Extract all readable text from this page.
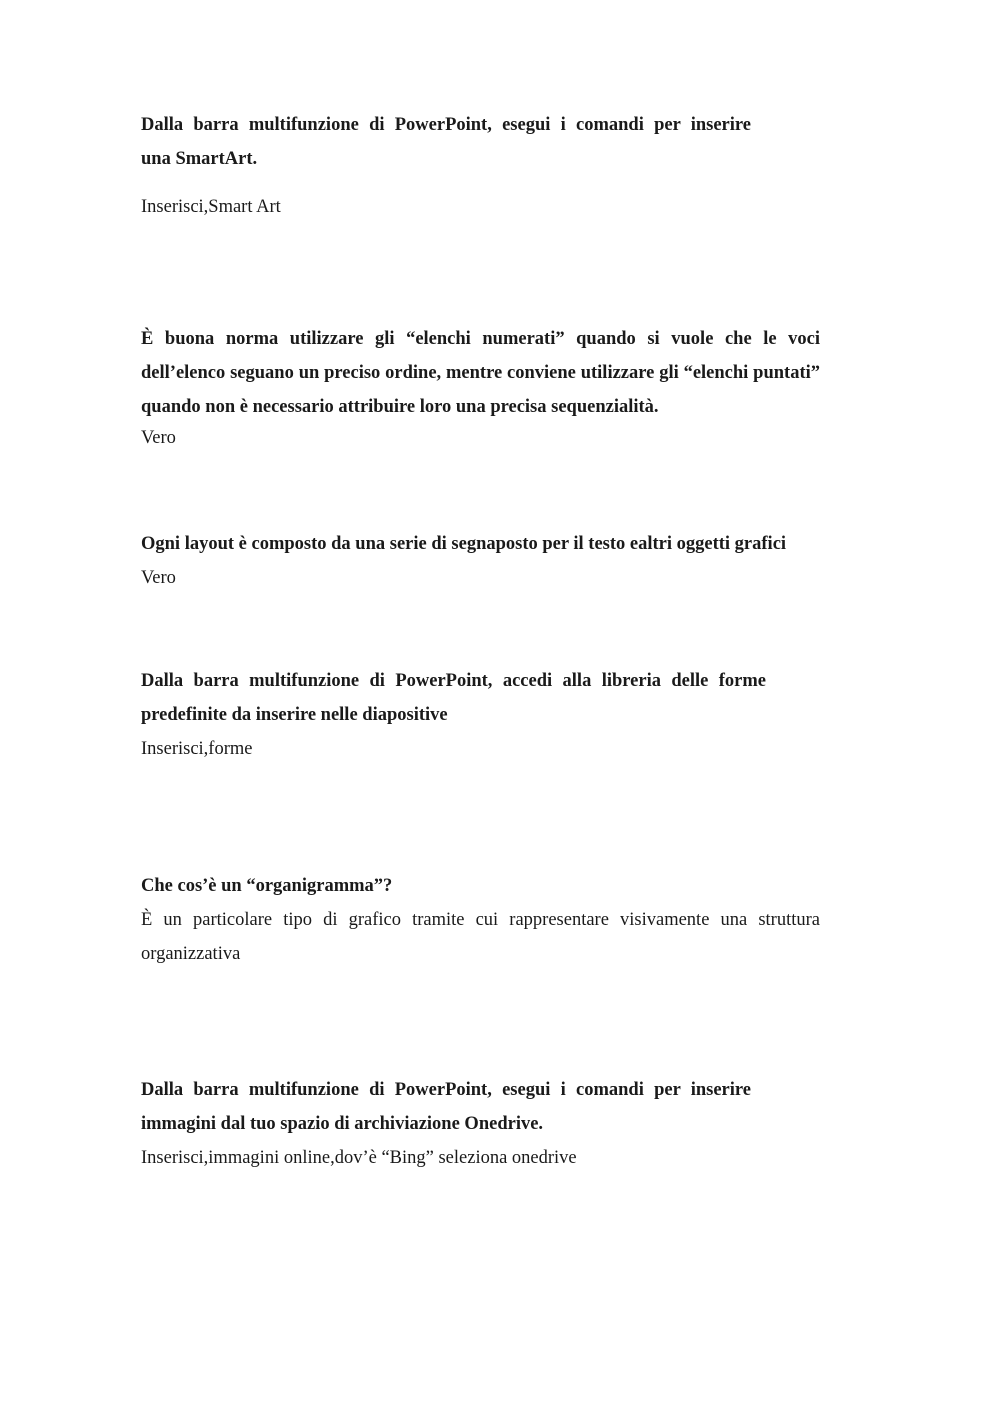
Dalla barra multifunzione di PowerPoint, esegui i comandi per inserire
una SmartArt.

Inserisci,Smart Art

È buona norma utilizzare gli “elenchi numerati” quando si vuole che le voci dell’elenco seguano un preciso ordine, mentre conviene utilizzare gli “elenchi puntati” quando non è necessario attribuire loro una precisa sequenzialità.

Vero

Ogni layout è composto da una serie di segnaposto per il testo ealtri oggetti grafici

Vero

Dalla barra multifunzione di PowerPoint, accedi alla libreria delle forme
predefinite da inserire nelle diapositive

Inserisci,forme

Che cos’è un “organigramma”?

È un particolare tipo di grafico tramite cui rappresentare visivamente una struttura organizzativa

Dalla barra multifunzione di PowerPoint, esegui i comandi per inserire
immagini dal tuo spazio di archiviazione Onedrive.

Inserisci,immagini online,dov’è “Bing” seleziona onedrive
